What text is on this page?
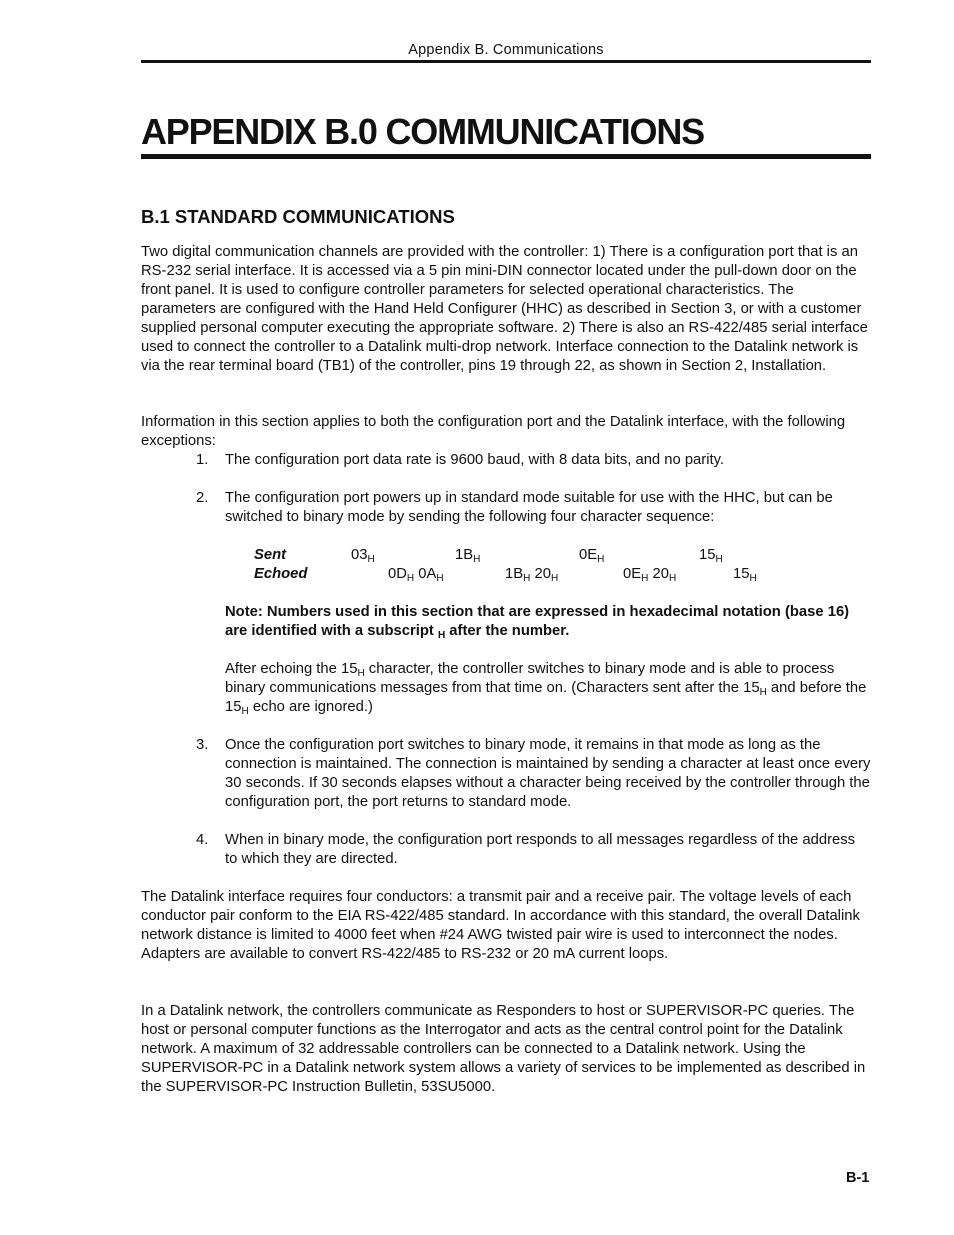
Appendix B. Communications
APPENDIX B.0 COMMUNICATIONS
B.1 STANDARD COMMUNICATIONS

Two digital communication channels are provided with the controller: 1) There is a configuration port that is an RS-232 serial interface. It is accessed via a 5 pin mini-DIN connector located under the pull-down door on the front panel. It is used to configure controller parameters for selected operational characteristics. The parameters are configured with the Hand Held Configurer (HHC) as described in Section 3, or with a customer supplied personal computer executing the appropriate software. 2) There is also an RS-422/485 serial interface used to connect the controller to a Datalink multi-drop network. Interface connection to the Datalink network is via the rear terminal board (TB1) of the controller, pins 19 through 22, as shown in Section 2, Installation.

Information in this section applies to both the configuration port and the Datalink interface, with the following exceptions:

1. The configuration port data rate is 9600 baud, with 8 data bits, and no parity.
2. The configuration port powers up in standard mode suitable for use with the HHC, but can be switched to binary mode by sending the following four character sequence:
Sent	$03_H$	$1B_H$	$0E_H$	$15_H$
Echoed	$0D_H$ $0A_H$	$1B_H$ $20_H$	$0E_H$ $20_H$	$15_H$
Note: Numbers used in this section that are expressed in hexadecimal notation (base 16) are identified with a subscript $_H$ after the number.
After echoing the $15_H$ character, the controller switches to binary mode and is able to process binary communications messages from that time on. (Characters sent after the $15_H$ and before the $15_H$ echo are ignored.)
3. Once the configuration port switches to binary mode, it remains in that mode as long as the connection is maintained. The connection is maintained by sending a character at least once every 30 seconds. If 30 seconds elapses without a character being received by the controller through the configuration port, the port returns to standard mode.
4. When in binary mode, the configuration port responds to all messages regardless of the address to which they are directed.

The Datalink interface requires four conductors: a transmit pair and a receive pair. The voltage levels of each conductor pair conform to the EIA RS-422/485 standard. In accordance with this standard, the overall Datalink network distance is limited to 4000 feet when #24 AWG twisted pair wire is used to interconnect the nodes. Adapters are available to convert RS-422/485 to RS-232 or 20 mA current loops.

In a Datalink network, the controllers communicate as Responders to host or SUPERVISOR-PC queries. The host or personal computer functions as the Interrogator and acts as the central control point for the Datalink network. A maximum of 32 addressable controllers can be connected to a Datalink network. Using the SUPERVISOR-PC in a Datalink network system allows a variety of services to be implemented as described in the SUPERVISOR-PC Instruction Bulletin, 53SU5000.

B-1
